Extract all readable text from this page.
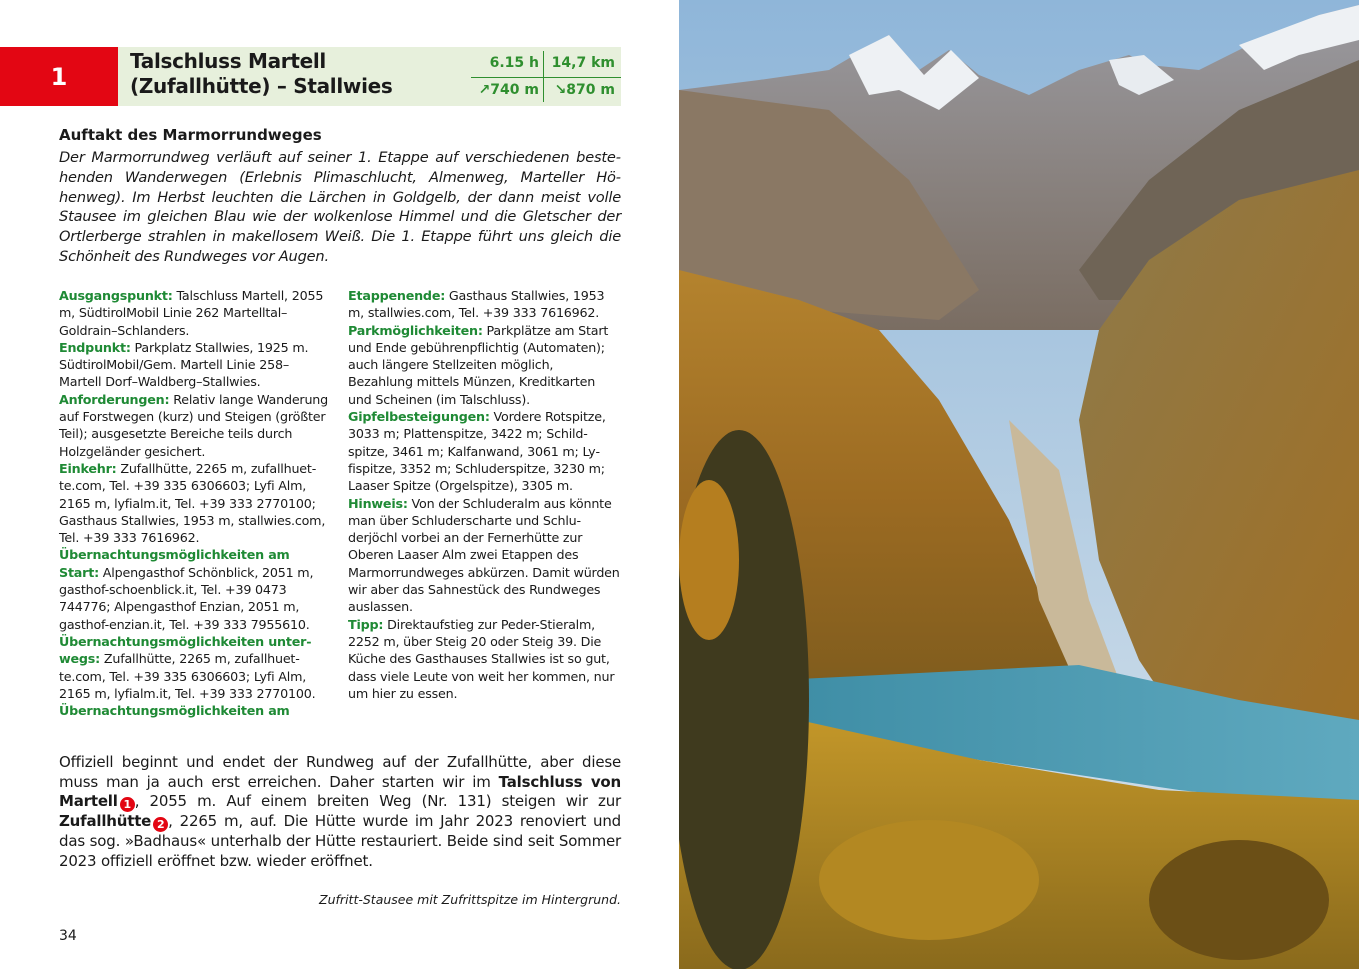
1
Talschluss Martell (Zufallhütte) – Stallwies
6.15 h 14,7 km
↗740 m	↘870 m
Auftakt des Marmorrundweges
Der Marmorrundweg verläuft auf seiner 1. Etappe auf verschiedenen bestehenden Wanderwegen (Erlebnis Plimaschlucht, Almenweg, Marteller Höhenweg). Im Herbst leuchten die Lärchen in Goldgelb, der dann meist volle Stausee im gleichen Blau wie der wolkenlose Himmel und die Gletscher der Ortlerberge strahlen in makellosem Weiß. Die 1. Etappe führt uns gleich die Schönheit des Rundweges vor Augen.

Ausgangspunkt: Talschluss Martell, 2055 m, SüdtirolMobil Linie 262 Martelltal–Goldrain–Schlanders.

Endpunkt: Parkplatz Stallwies, 1925 m. SüdtirolMobil/Gem. Martell Linie 258– Martell Dorf–Waldberg–Stallwies.

Anforderungen: Relativ lange Wanderung auf Forstwegen (kurz) und Steigen (größter Teil); ausgesetzte Bereiche teils durch Holzgeländer gesichert.

Einkehr: Zufallhütte, 2265 m, zufallhuette.com, Tel. +39 335 6306603; Lyfi Alm, 2165 m, lyfialm.it, Tel. +39 333 2770100; Gasthaus Stallwies, 1953 m, stallwies.com, Tel. +39 333 7616962.

Übernachtungsmöglichkeiten am Start: Alpengasthof Schönblick, 2051 m, gasthof-schoenblick.it, Tel. +39 0473 744776; Alpengasthof Enzian, 2051 m, gasthof-enzian.it, Tel. +39 333 7955610.

Übernachtungsmöglichkeiten unterwegs: Zufallhütte, 2265 m, zufallhuette.com, Tel. +39 335 6306603; Lyfi Alm, 2165 m, lyfialm.it, Tel. +39 333 2770100.

Übernachtungsmöglichkeiten am

Etappenende: Gasthaus Stallwies, 1953 m, stallwies.com, Tel. +39 333 7616962.

Parkmöglichkeiten: Parkplätze am Start und Ende gebührenpflichtig (Automaten); auch längere Stellzeiten möglich, Bezahlung mittels Münzen, Kreditkarten und Scheinen (im Talschluss).

Gipfelbesteigungen: Vordere Rotspitze, 3033 m; Plattenspitze, 3422 m; Schildspitze, 3461 m; Kalfanwand, 3061 m; Lyfispitze, 3352 m; Schluderspitze, 3230 m; Laaser Spitze (Orgelspitze), 3305 m.

Hinweis: Von der Schluderalm aus könnte man über Schluderscharte und Schluderjöchl vorbei an der Fernerhütte zur Oberen Laaser Alm zwei Etappen des Marmorrundweges abkürzen. Damit würden wir aber das Sahnestück des Rundweges auslassen.

Tipp: Direktaufstieg zur Peder-Stieralm, 2252 m, über Steig 20 oder Steig 39. Die Küche des Gasthauses Stallwies ist so gut, dass viele Leute von weit her kommen, nur um hier zu essen.

Offiziell beginnt und endet der Rundweg auf der Zufallhütte, aber diese muss man ja auch erst erreichen. Daher starten wir im Talschluss von Martell 1 , 2055 m. Auf einem breiten Weg (Nr. 131) steigen wir zur Zufallhütte 2 , 2265 m, auf. Die Hütte wurde im Jahr 2023 renoviert und das sog. »Badhaus« unterhalb der Hütte restauriert. Beide sind seit Sommer 2023 offiziell eröffnet bzw. wieder eröffnet.
Zufritt-Stausee mit Zufrittspitze im Hintergrund.
34
